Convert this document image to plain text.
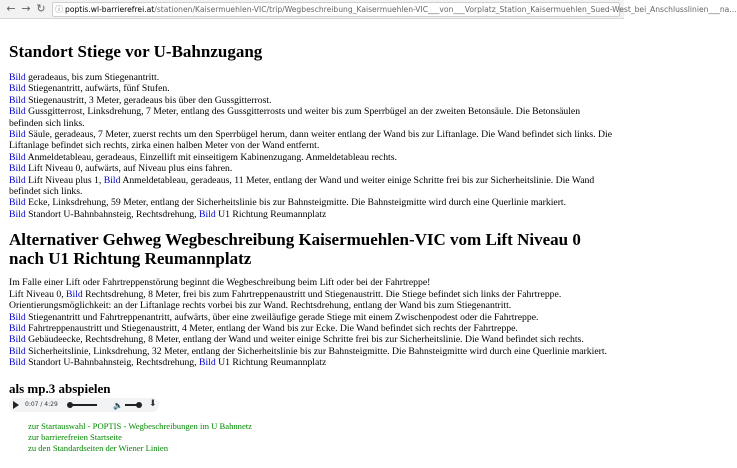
← → ↻	ⓘ poptis.wl-barrierefrei.at/stationen/Kaisermuehlen-VIC/trip/Wegbeschreibung_Kaisermuehlen-VIC___von___Vorplatz_Station_Kaisermuehlen_Sued-West_bei_Anschlusslinien___na...
Standort Stiege vor U-Bahnzugang
Bild geradeaus, bis zum Stiegenantritt.
Bild Stiegenantritt, aufwärts, fünf Stufen.
Bild Stiegenaustritt, 3 Meter, geradeaus bis über den Gussgitterrost.
Bild Gussgitterrost, Linksdrehung, 7 Meter, entlang des Gussgitterrosts und weiter bis zum Sperrbügel an der zweiten Betonsäule. Die Betonsäulen befinden sich links.
Bild Säule, geradeaus, 7 Meter, zuerst rechts um den Sperrbügel herum, dann weiter entlang der Wand bis zur Liftanlage. Die Wand befindet sich links. Die Liftanlage befindet sich rechts, zirka einen halben Meter von der Wand entfernt.
Bild Anmeldetableau, geradeaus, Einzellift mit einseitigem Kabinenzugang. Anmeldetableau rechts.
Bild Lift Niveau 0, aufwärts, auf Niveau plus eins fahren.
Bild Lift Niveau plus 1, Bild Anmeldetableau, geradeaus, 11 Meter, entlang der Wand und weiter einige Schritte frei bis zur Sicherheitslinie. Die Wand befindet sich links.
Bild Ecke, Linksdrehung, 59 Meter, entlang der Sicherheitslinie bis zur Bahnsteigmitte. Die Bahnsteigmitte wird durch eine Querlinie markiert.
Bild Standort U-Bahnbahnsteig, Rechtsdrehung, Bild U1 Richtung Reumannplatz
Alternativer Gehweg Wegbeschreibung Kaisermuehlen-VIC vom Lift Niveau 0 nach U1 Richtung Reumannplatz
Im Falle einer Lift oder Fahrtreppenstörung beginnt die Wegbeschreibung beim Lift oder bei der Fahrtreppe!
Lift Niveau 0, Bild Rechtsdrehung, 8 Meter, frei bis zum Fahrtreppenaustritt und Stiegenaustritt. Die Stiege befindet sich links der Fahrtreppe.
Orientierungsmöglichkeit: an der Liftanlage rechts vorbei bis zur Wand. Rechtsdrehung, entlang der Wand bis zum Stiegenantritt.
Bild Stiegenantritt und Fahrtreppenantritt, aufwärts, über eine zweiläufige gerade Stiege mit einem Zwischenpodest oder die Fahrtreppe.
Bild Fahrtreppenaustritt und Stiegenaustritt, 4 Meter, entlang der Wand bis zur Ecke. Die Wand befindet sich rechts der Fahrtreppe.
Bild Gebäudeecke, Rechtsdrehung, 8 Meter, entlang der Wand und weiter einige Schritte frei bis zur Sicherheitslinie. Die Wand befindet sich rechts.
Bild Sicherheitslinie, Linksdrehung, 32 Meter, entlang der Sicherheitslinie bis zur Bahnsteigmitte. Die Bahnsteigmitte wird durch eine Querlinie markiert.
Bild Standort U-Bahnbahnsteig, Rechtsdrehung, Bild U1 Richtung Reumannplatz
als mp.3 abspielen
0:07 / 4:29	🔈	⬇
zur Startauswahl - POPTIS - Wegbeschreibungen im U Bahnnetz
zur barrierefreien Startseite
zu den Standardseiten der Wiener Linien
